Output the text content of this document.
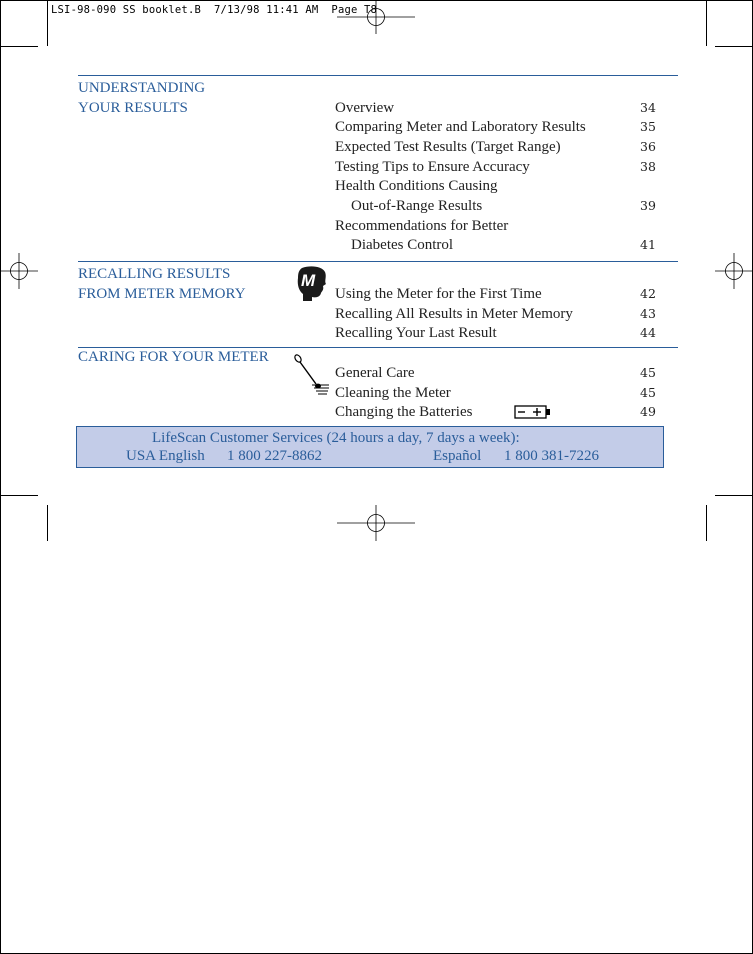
LSI-98-090 SS booklet.B  7/13/98 11:41 AM  Page T8
UNDERSTANDING
YOUR RESULTS	Overview	34
Comparing Meter and Laboratory Results	35
Expected Test Results (Target Range)	36
Testing Tips to Ensure Accuracy	38
Health Conditions Causing
Out-of-Range Results	39
Recommendations for Better
Diabetes Control	41
RECALLING RESULTS
FROM METER MEMORY
M
Using the Meter for the First Time	42
Recalling All Results in Meter Memory	43
Recalling Your Last Result	44
CARING FOR YOUR METER
General Care	45
Cleaning the Meter	45
Changing the Batteries	49
LifeScan Customer Services (24 hours a day, 7 days a week):
USA English 1 800 227-8862	Español 1 800 381-7226
